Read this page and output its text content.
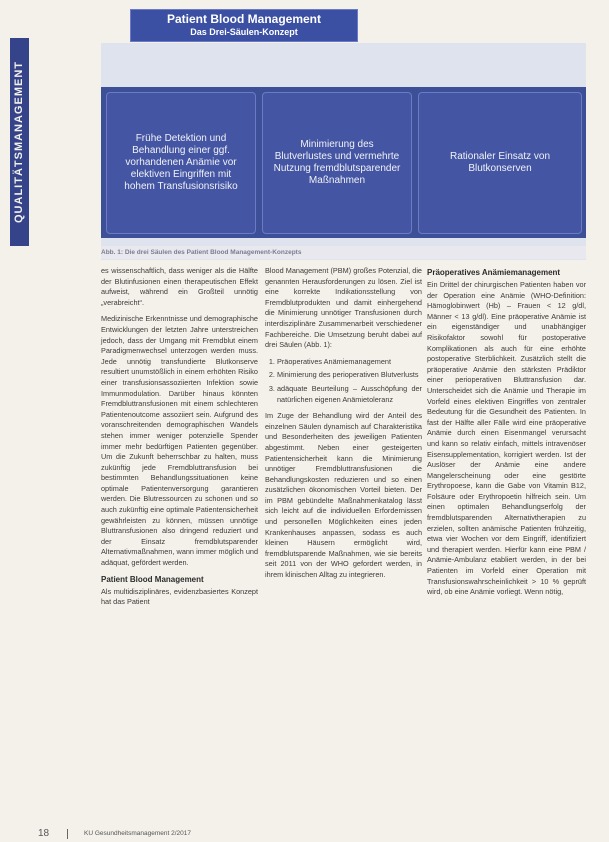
QUALITÄTSMANAGEMENT
Patient Blood Management
Das Drei-Säulen-Konzept
Frühe Detektion und Behandlung einer ggf. vorhandenen Anämie vor elektiven Eingriffen mit hohem Transfusionsrisiko
Minimierung des Blutverlustes und vermehrte Nutzung fremdblutsparender Maßnahmen
Rationaler Einsatz von Blutkonserven
Abb. 1: Die drei Säulen des Patient Blood Management-Konzepts

es wissenschaftlich, dass weniger als die Hälfte der Blutinfusionen einen therapeutischen Effekt aufweist, während ein Großteil unnötig „verabreicht“.

Medizinische Erkenntnisse und demographische Entwicklungen der letzten Jahre unterstreichen jedoch, dass der Umgang mit Fremdblut einem Paradigmenwechsel unterzogen werden muss. Jede unnötig transfundierte Blutkonserve resultiert unumstößlich in einem erhöhten Risiko einer transfusionsassoziierten Infektion sowie Immunmodulation. Darüber hinaus könnten Fremdbluttransfusionen mit einem schlechteren Patientenoutcome assoziiert sein. Aufgrund des voranschreitenden demographischen Wandels stehen immer weniger potenzielle Spender immer mehr bedürftigen Patienten gegenüber. Um die Zukunft beherrschbar zu halten, muss zukünftig jede Fremdbluttransfusion bei bestimmten Behandlungssituationen keine optimale Patientenversorgung garantieren werden. Die Blutressourcen zu schonen und so auch zukünftig eine optimale Patientensicherheit gewährleisten zu können, müssen unnötige Bluttransfusionen also dringend reduziert und der Einsatz fremdblutsparender Alternativmaßnahmen, wann immer möglich und adäquat, gefördert werden.

Patient Blood Management

Als multidisziplinäres, evidenzbasiertes Konzept hat das Patient

Blood Management (PBM) großes Potenzial, die genannten Herausforderungen zu lösen. Ziel ist eine korrekte Indikationsstellung von Fremdblutprodukten und damit einhergehend die Minimierung unnötiger Transfusionen durch interdisziplinäre Zusammenarbeit verschiedener Fachbereiche. Die Umsetzung beruht dabei auf drei Säulen (Abb. 1):

1. Präoperatives Anämiemanagement
2. Minimierung des perioperativen Blutverlusts
3. adäquate Beurteilung – Ausschöpfung der natürlichen eigenen Anämietoleranz

Im Zuge der Behandlung wird der Anteil des einzelnen Säulen dynamisch auf Charakteristika und Besonderheiten des jeweiligen Patienten abgestimmt. Neben einer gesteigerten Patientensicherheit kann die Minimierung unnötiger Fremdbluttransfusionen die Behandlungskosten reduzieren und so einen zusätzlichen ökonomischen Vorteil bieten. Der im PBM gebündelte Maßnahmenkatalog lässt sich leicht auf die individuellen Erfordernissen und personellen Möglichkeiten eines jeden Krankenhauses anpassen, sodass es auch kleinen Häusern ermöglicht wird, fremdblutsparende Maßnahmen, wie sie bereits seit 2011 von der WHO gefordert werden, in ihrem klinischen Alltag zu integrieren.

Präoperatives Anämiemanagement

Ein Drittel der chirurgischen Patienten haben vor der Operation eine Anämie (WHO-Definition: Hämoglobinwert (Hb) – Frauen < 12 g/dl, Männer < 13 g/dl). Eine präoperative Anämie ist ein eigenständiger und unabhängiger Risikofaktor sowohl für postoperative Komplikationen als auch für eine erhöhte postoperative Sterblichkeit. Zusätzlich stellt die präoperative Anämie den stärksten Prädiktor einer perioperativen Bluttransfusion dar. Unterscheidet sich die Anämie und Therapie im Vorfeld eines elektiven Eingriffes von zentraler Bedeutung für die Gesundheit des Patienten. In fast der Hälfte aller Fälle wird eine präoperative Anämie durch einen Eisenmangel verursacht und kann so relativ einfach, mittels intravenöser Eisensupplementation, korrigiert werden. Ist der Auslöser der Anämie eine andere Mangelerscheinung oder eine gestörte Erythropoese, kann die Gabe von Vitamin B12, Folsäure oder Erythropoetin hilfreich sein. Um einen optimalen Behandlungserfolg der fremdblutsparenden Alternativtherapien zu erzielen, sollten anämische Patienten frühzeitig, etwa vier Wochen vor dem Eingriff, identifiziert und therapiert werden. Hierfür kann eine PBM / Anämie-Ambulanz etabliert werden, in der bei Patienten im Vorfeld einer Operation mit Transfusionswahrscheinlichkeit > 10 % geprüft wird, ob eine Anämie vorliegt. Wenn nötig,

18	KU Gesundheitsmanagement 2/2017
